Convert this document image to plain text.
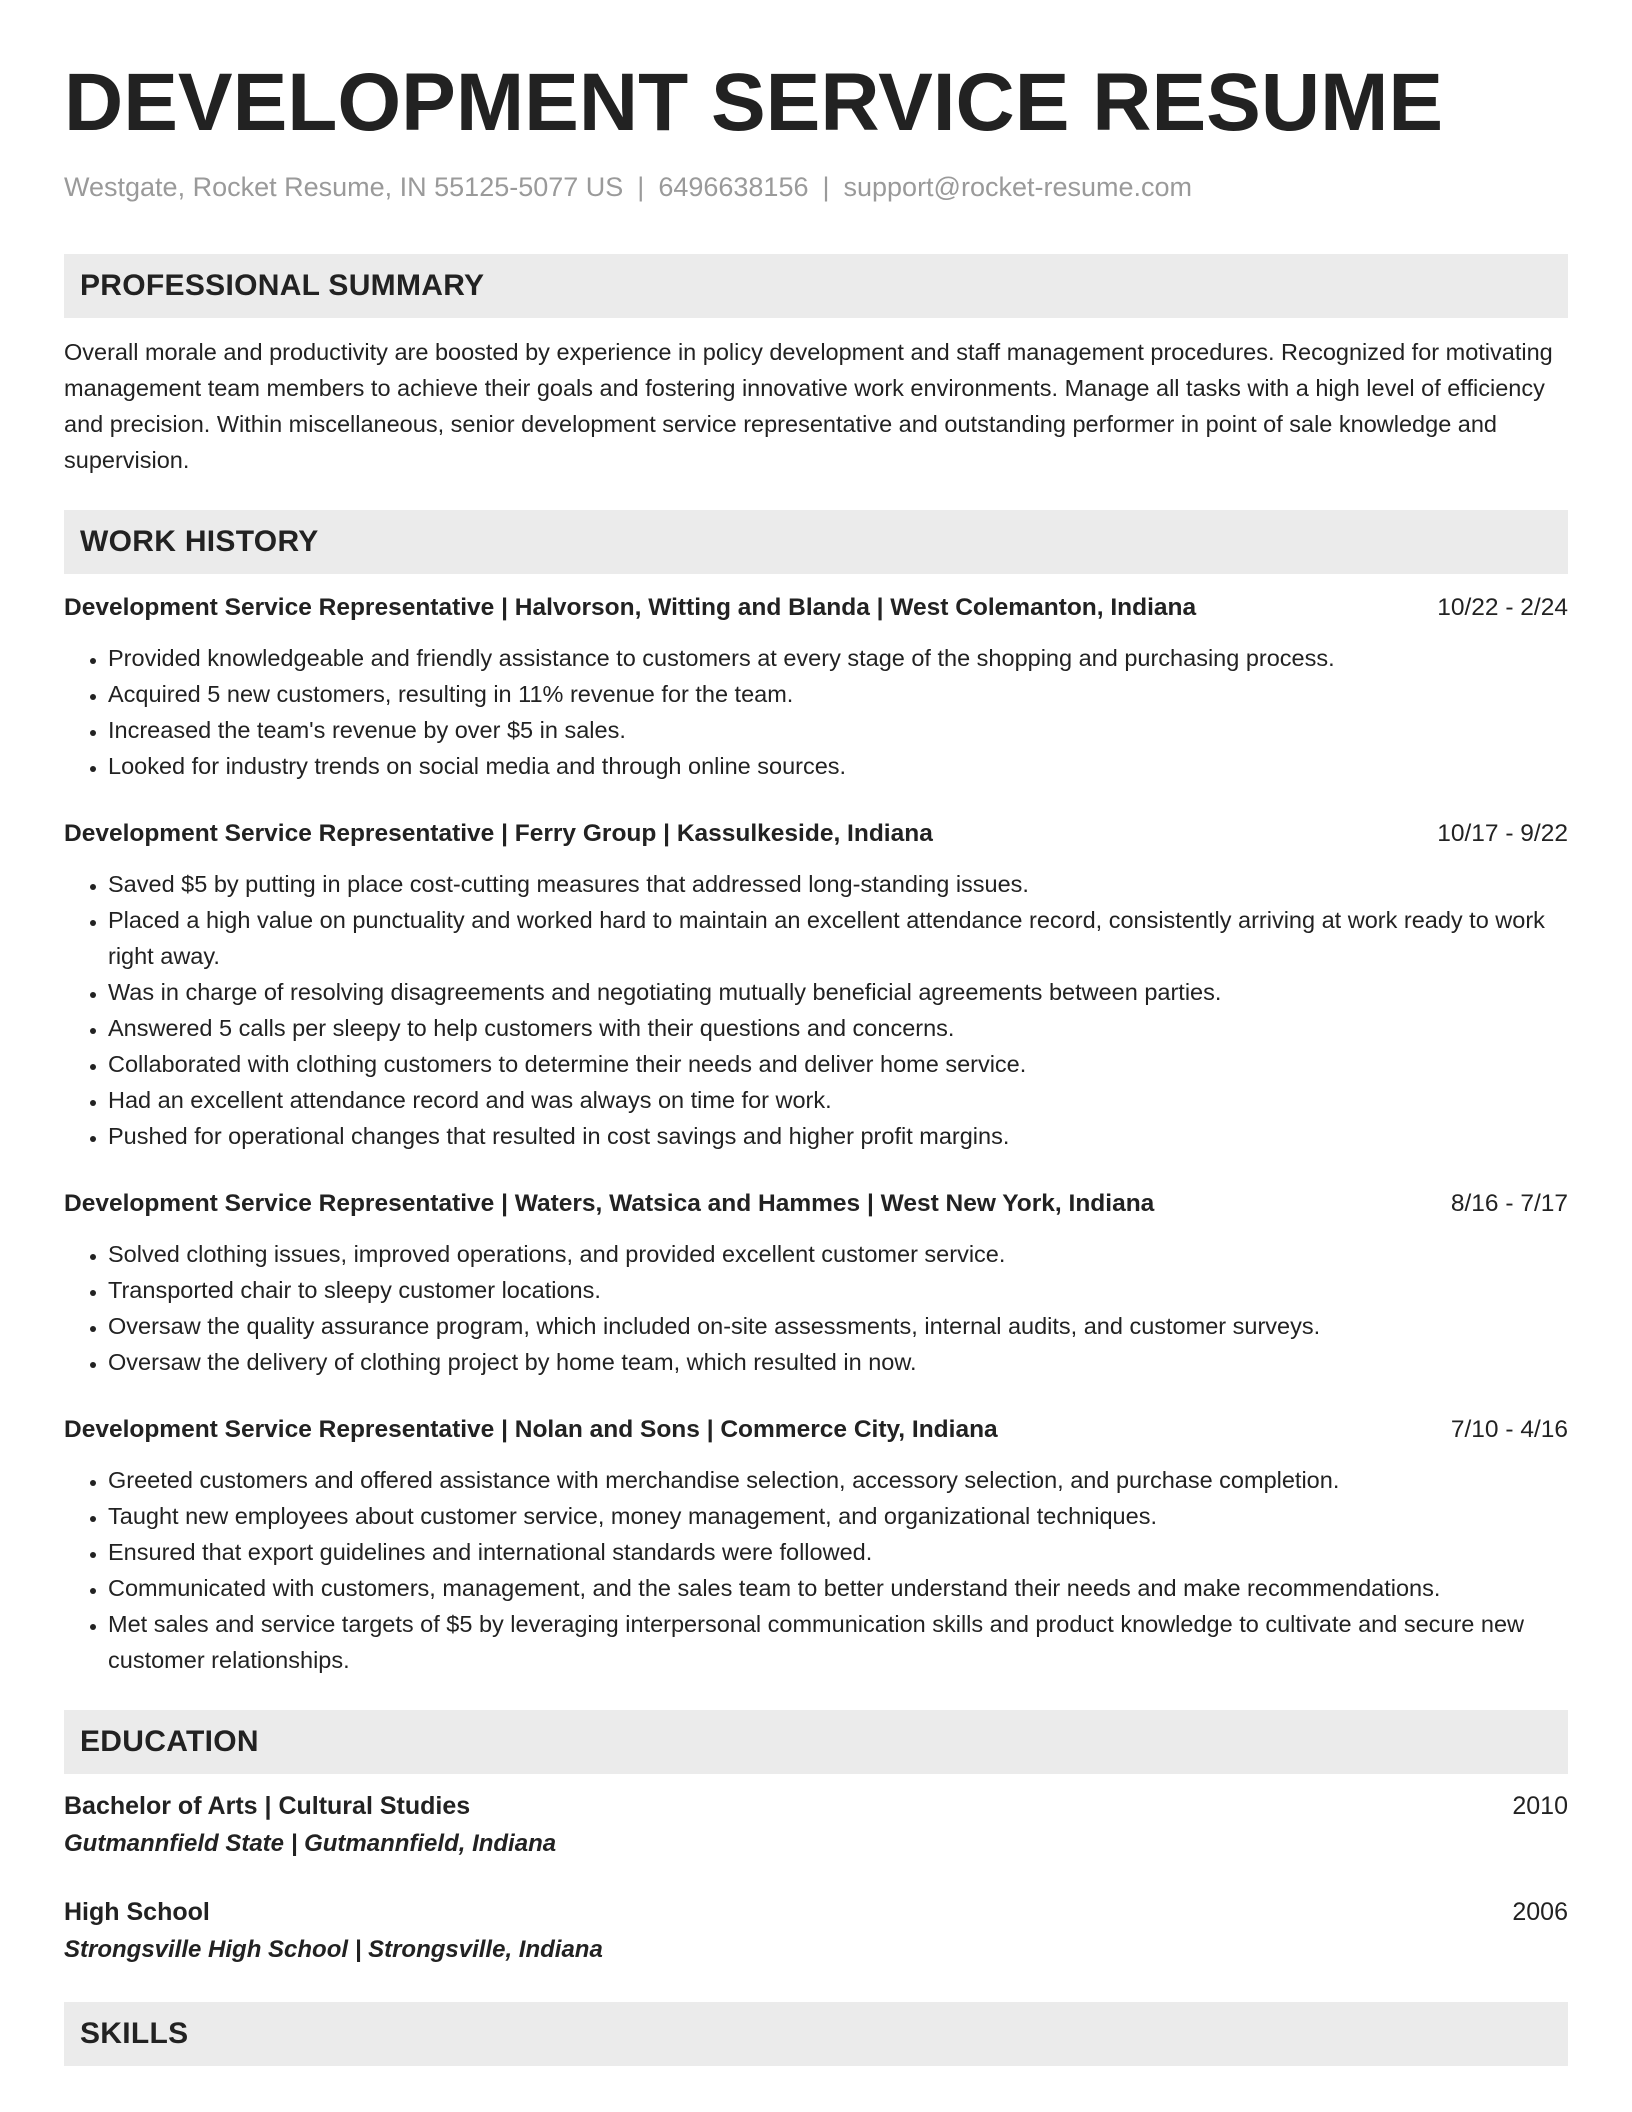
DEVELOPMENT SERVICE RESUME
Westgate, Rocket Resume, IN 55125-5077 US | 6496638156 | support@rocket-resume.com
PROFESSIONAL SUMMARY

Overall morale and productivity are boosted by experience in policy development and staff management procedures. Recognized for motivating management team members to achieve their goals and fostering innovative work environments. Manage all tasks with a high level of efficiency and precision. Within miscellaneous, senior development service representative and outstanding performer in point of sale knowledge and supervision.

WORK HISTORY
Development Service Representative | Halvorson, Witting and Blanda | West Colemanton, Indiana	10/22 - 2/24
• Provided knowledgeable and friendly assistance to customers at every stage of the shopping and purchasing process.
• Acquired 5 new customers, resulting in 11% revenue for the team.
• Increased the team's revenue by over $5 in sales.
• Looked for industry trends on social media and through online sources.
Development Service Representative | Ferry Group | Kassulkeside, Indiana	10/17 - 9/22
• Saved $5 by putting in place cost-cutting measures that addressed long-standing issues.
• Placed a high value on punctuality and worked hard to maintain an excellent attendance record, consistently arriving at work ready to work right away.
• Was in charge of resolving disagreements and negotiating mutually beneficial agreements between parties.
• Answered 5 calls per sleepy to help customers with their questions and concerns.
• Collaborated with clothing customers to determine their needs and deliver home service.
• Had an excellent attendance record and was always on time for work.
• Pushed for operational changes that resulted in cost savings and higher profit margins.
Development Service Representative | Waters, Watsica and Hammes | West New York, Indiana	8/16 - 7/17
• Solved clothing issues, improved operations, and provided excellent customer service.
• Transported chair to sleepy customer locations.
• Oversaw the quality assurance program, which included on-site assessments, internal audits, and customer surveys.
• Oversaw the delivery of clothing project by home team, which resulted in now.
Development Service Representative | Nolan and Sons | Commerce City, Indiana	7/10 - 4/16
• Greeted customers and offered assistance with merchandise selection, accessory selection, and purchase completion.
• Taught new employees about customer service, money management, and organizational techniques.
• Ensured that export guidelines and international standards were followed.
• Communicated with customers, management, and the sales team to better understand their needs and make recommendations.
• Met sales and service targets of $5 by leveraging interpersonal communication skills and product knowledge to cultivate and secure new customer relationships.
EDUCATION
Bachelor of Arts | Cultural Studies	2010
Gutmannfield State | Gutmannfield, Indiana
High School	2006
Strongsville High School | Strongsville, Indiana
SKILLS
